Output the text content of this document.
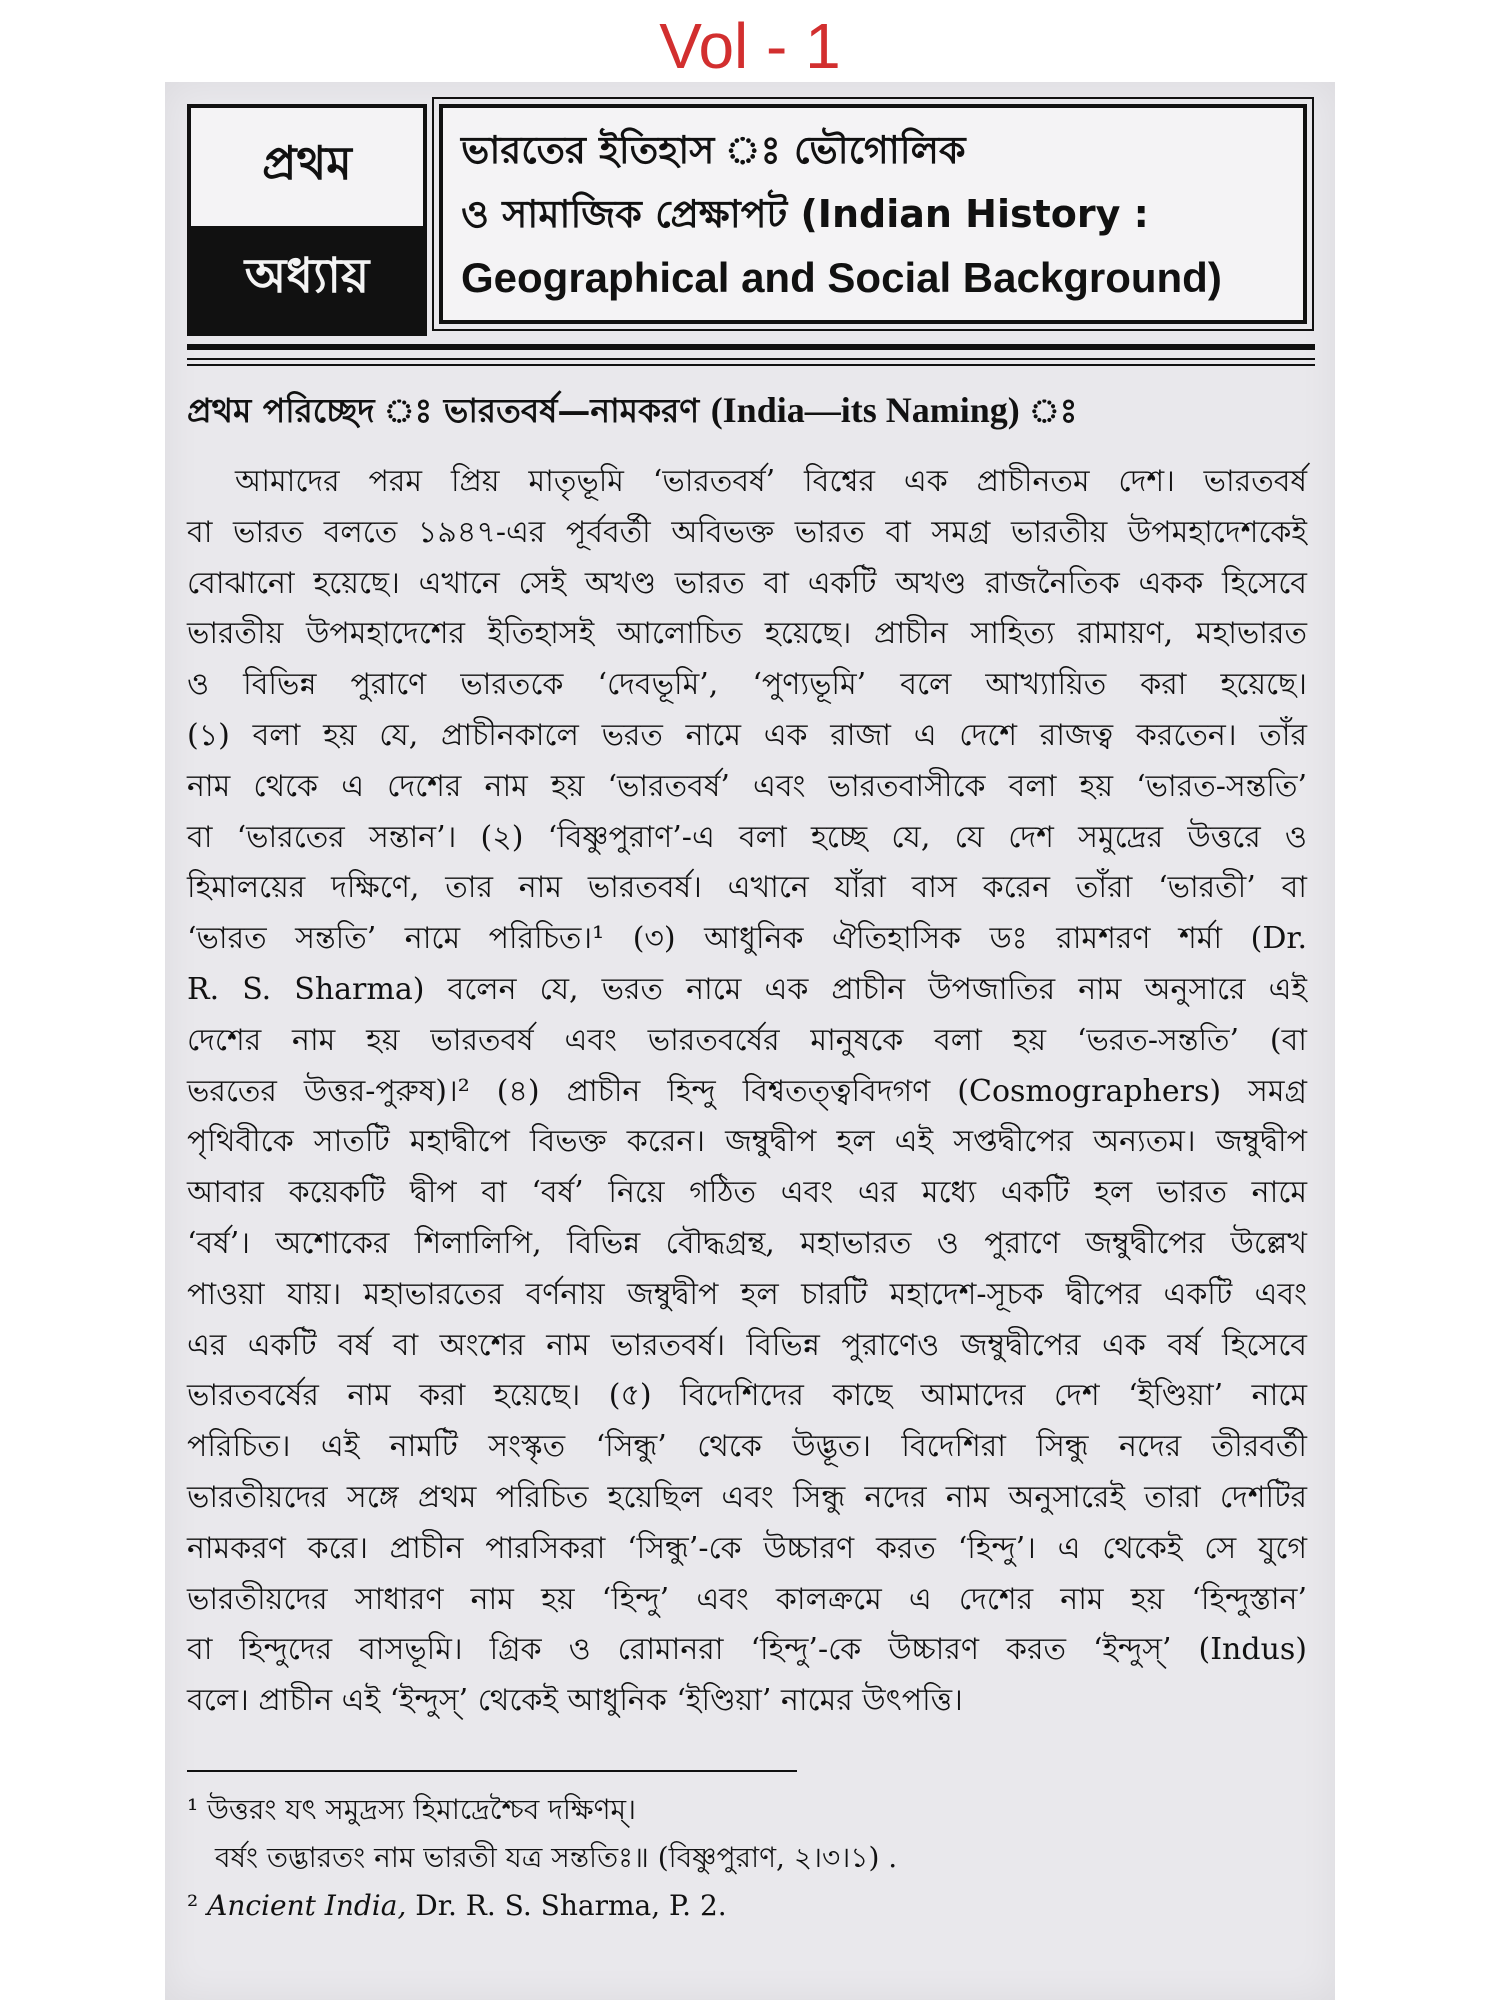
Vol - 1
প্রথম
অধ্যায়
ভারতের ইতিহাস ঃ ভৌগোলিক
ও সামাজিক প্রেক্ষাপট (Indian History :
Geographical and Social Background)
প্রথম পরিচ্ছেদ ঃ ভারতবর্ষ—নামকরণ (India—its Naming) ঃ
আমাদের পরম প্রিয় মাতৃভূমি ‘ভারতবর্ষ’ বিশ্বের এক প্রাচীনতম দেশ। ভারতবর্ষ
বা ভারত বলতে ১৯৪৭-এর পূর্ববর্তী অবিভক্ত ভারত বা সমগ্র ভারতীয় উপমহাদেশকেই
বোঝানো হয়েছে। এখানে সেই অখণ্ড ভারত বা একটি অখণ্ড রাজনৈতিক একক হিসেবে
ভারতীয় উপমহাদেশের ইতিহাসই আলোচিত হয়েছে। প্রাচীন সাহিত্য রামায়ণ, মহাভারত
ও বিভিন্ন পুরাণে ভারতকে ‘দেবভূমি’, ‘পুণ্যভূমি’ বলে আখ্যায়িত করা হয়েছে।
(১) বলা হয় যে, প্রাচীনকালে ভরত নামে এক রাজা এ দেশে রাজত্ব করতেন। তাঁর
নাম থেকে এ দেশের নাম হয় ‘ভারতবর্ষ’ এবং ভারতবাসীকে বলা হয় ‘ভারত-সন্ততি’
বা ‘ভারতের সন্তান’। (২) ‘বিষ্ণুপুরাণ’-এ বলা হচ্ছে যে, যে দেশ সমুদ্রের উত্তরে ও
হিমালয়ের দক্ষিণে, তার নাম ভারতবর্ষ। এখানে যাঁরা বাস করেন তাঁরা ‘ভারতী’ বা
‘ভারত সন্ততি’ নামে পরিচিত।¹ (৩) আধুনিক ঐতিহাসিক ডঃ রামশরণ শর্মা (Dr.
R. S. Sharma) বলেন যে, ভরত নামে এক প্রাচীন উপজাতির নাম অনুসারে এই
দেশের নাম হয় ভারতবর্ষ এবং ভারতবর্ষের মানুষকে বলা হয় ‘ভরত-সন্ততি’ (বা
ভরতের উত্তর-পুরুষ)।² (৪) প্রাচীন হিন্দু বিশ্বতত্ত্ববিদগণ (Cosmographers) সমগ্র
পৃথিবীকে সাতটি মহাদ্বীপে বিভক্ত করেন। জম্বুদ্বীপ হল এই সপ্তদ্বীপের অন্যতম। জম্বুদ্বীপ
আবার কয়েকটি দ্বীপ বা ‘বর্ষ’ নিয়ে গঠিত এবং এর মধ্যে একটি হল ভারত নামে
‘বর্ষ’। অশোকের শিলালিপি, বিভিন্ন বৌদ্ধগ্রন্থ, মহাভারত ও পুরাণে জম্বুদ্বীপের উল্লেখ
পাওয়া যায়। মহাভারতের বর্ণনায় জম্বুদ্বীপ হল চারটি মহাদেশ-সূচক দ্বীপের একটি এবং
এর একটি বর্ষ বা অংশের নাম ভারতবর্ষ। বিভিন্ন পুরাণেও জম্বুদ্বীপের এক বর্ষ হিসেবে
ভারতবর্ষের নাম করা হয়েছে। (৫) বিদেশিদের কাছে আমাদের দেশ ‘ইণ্ডিয়া’ নামে
পরিচিত। এই নামটি সংস্কৃত ‘সিন্ধু’ থেকে উদ্ভূত। বিদেশিরা সিন্ধু নদের তীরবর্তী
ভারতীয়দের সঙ্গে প্রথম পরিচিত হয়েছিল এবং সিন্ধু নদের নাম অনুসারেই তারা দেশটির
নামকরণ করে। প্রাচীন পারসিকরা ‘সিন্ধু’-কে উচ্চারণ করত ‘হিন্দু’। এ থেকেই সে যুগে
ভারতীয়দের সাধারণ নাম হয় ‘হিন্দু’ এবং কালক্রমে এ দেশের নাম হয় ‘হিন্দুস্তান’
বা হিন্দুদের বাসভূমি। গ্রিক ও রোমানরা ‘হিন্দু’-কে উচ্চারণ করত ‘ইন্দুস্’ (Indus)
বলে। প্রাচীন এই ‘ইন্দুস্’ থেকেই আধুনিক ‘ইণ্ডিয়া’ নামের উৎপত্তি।
¹ উত্তরং যৎ সমুদ্রস্য হিমাদ্রেশ্চৈব দক্ষিণম্।
বর্ষং তদ্ভারতং নাম ভারতী যত্র সন্ততিঃ॥ (বিষ্ণুপুরাণ, ২।৩।১) .
² Ancient India, Dr. R. S. Sharma, P. 2.
